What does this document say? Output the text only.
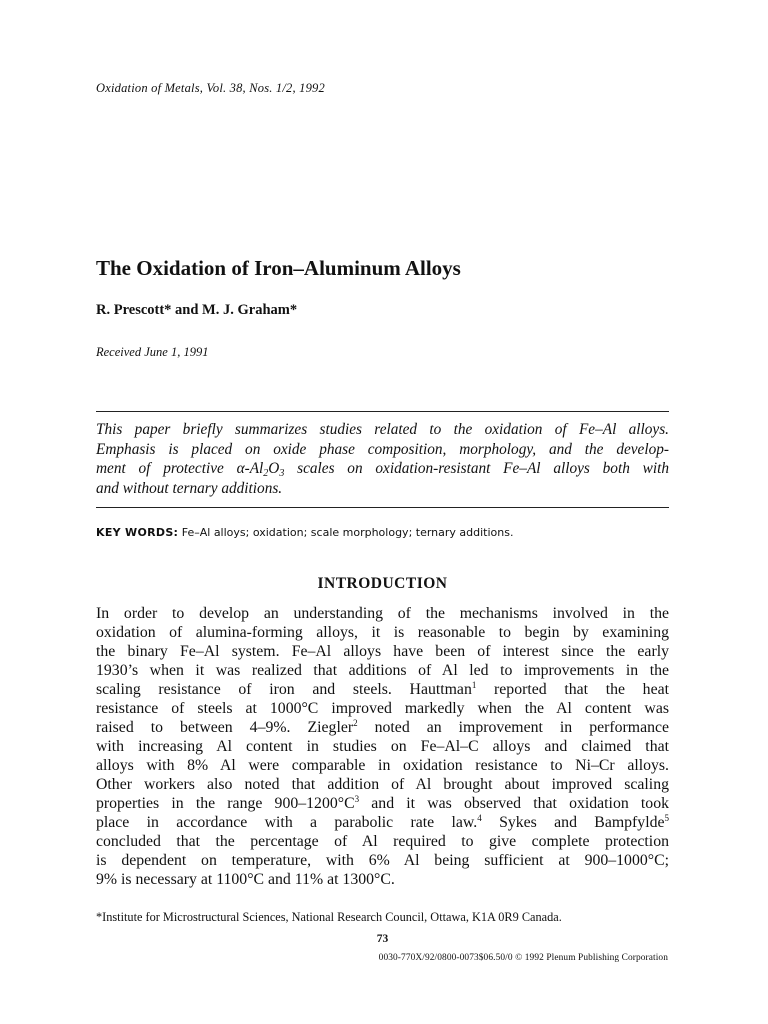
Oxidation of Metals, Vol. 38, Nos. 1/2, 1992
The Oxidation of Iron–Aluminum Alloys
R. Prescott* and M. J. Graham*
Received June 1, 1991
This paper briefly summarizes studies related to the oxidation of Fe–Al alloys.
Emphasis is placed on oxide phase composition, morphology, and the develop-
ment of protective $\alpha-Al_2O_3$ scales on oxidation-resistant Fe–Al alloys both with
and without ternary additions.
KEY WORDS: Fe–Al alloys; oxidation; scale morphology; ternary additions.
INTRODUCTION
In order to develop an understanding of the mechanisms involved in the
oxidation of alumina-forming alloys, it is reasonable to begin by examining
the binary Fe–Al system. Fe–Al alloys have been of interest since the early
1930’s when it was realized that additions of Al led to improvements in the
scaling resistance of iron and steels. Hauttman$^1$ reported that the heat
resistance of steels at 1000°C improved markedly when the Al content was
raised to between 4–9%. Ziegler$^2$ noted an improvement in performance
with increasing Al content in studies on Fe–Al–C alloys and claimed that
alloys with 8% Al were comparable in oxidation resistance to Ni–Cr alloys.
Other workers also noted that addition of Al brought about improved scaling
properties in the range $900-1200^\circ C^3$ and it was observed that oxidation took
place in accordance with a parabolic rate law.$^4$ Sykes and Bampfylde$^5$
concluded that the percentage of Al required to give complete protection
is dependent on temperature, with 6% Al being sufficient at 900–1000°C;
9% is necessary at 1100°C and 11% at 1300°C.
*Institute for Microstructural Sciences, National Research Council, Ottawa, K1A 0R9 Canada.
73
0030-770X/92/0800-0073$06.50/0 © 1992 Plenum Publishing Corporation
